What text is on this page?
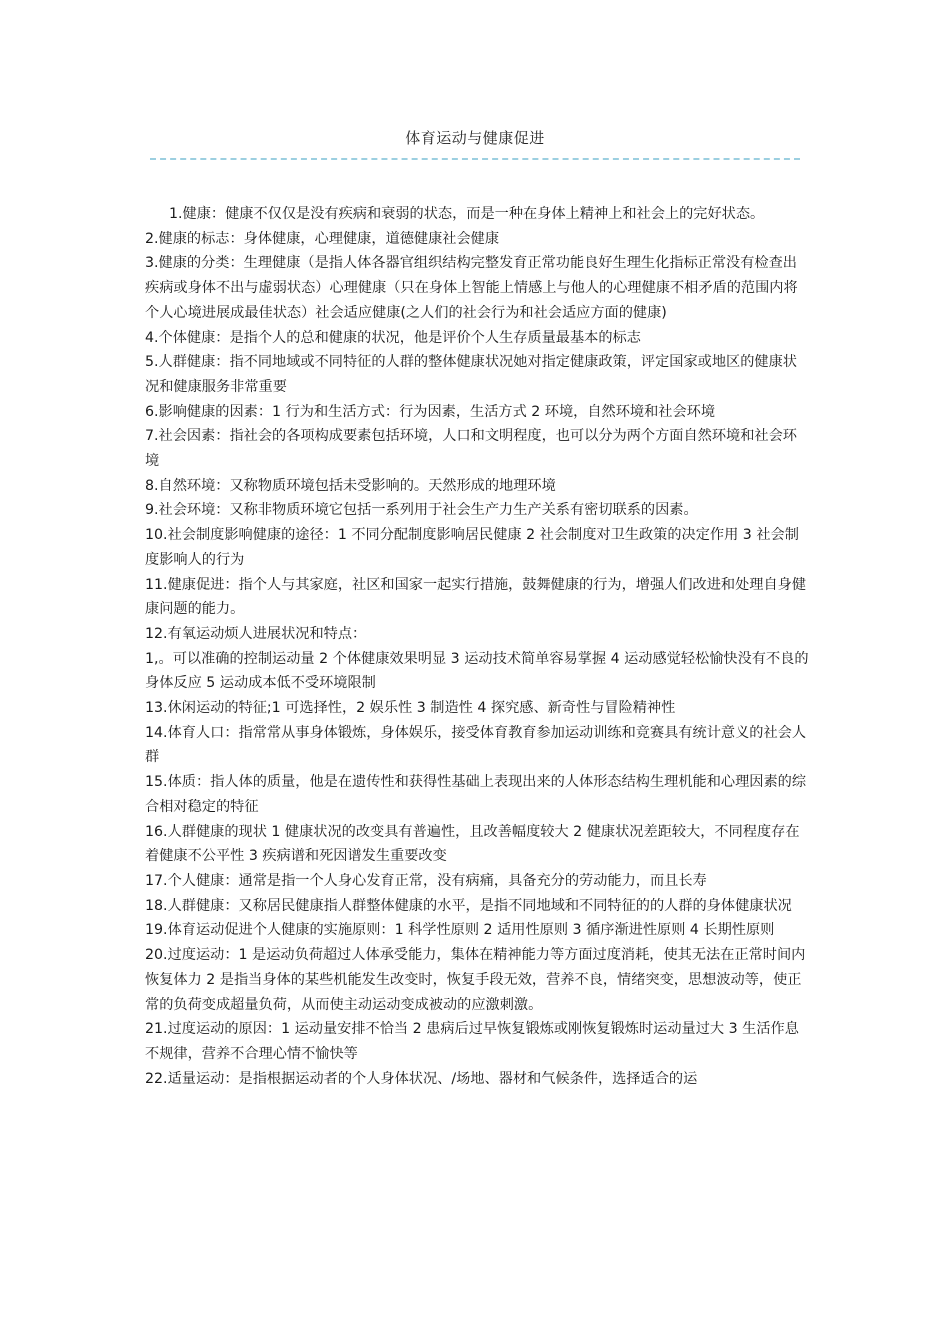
体育运动与健康促进

1.健康：健康不仅仅是没有疾病和衰弱的状态，而是一种在身体上精神上和社会上的完好状态。

2.健康的标志：身体健康，心理健康，道德健康社会健康

3.健康的分类：生理健康（是指人体各器官组织结构完整发育正常功能良好生理生化指标正常没有检查出疾病或身体不出与虚弱状态）心理健康（只在身体上智能上情感上与他人的心理健康不相矛盾的范围内将个人心境进展成最佳状态）社会适应健康(之人们的社会行为和社会适应方面的健康)

4.个体健康：是指个人的总和健康的状况，他是评价个人生存质量最基本的标志

5.人群健康：指不同地域或不同特征的人群的整体健康状况她对指定健康政策，评定国家或地区的健康状况和健康服务非常重要

6.影响健康的因素：1 行为和生活方式：行为因素，生活方式 2 环境，自然环境和社会环境

7.社会因素：指社会的各项构成要素包括环境，人口和文明程度，也可以分为两个方面自然环境和社会环境

8.自然环境：又称物质环境包括未受影响的。天然形成的地理环境

9.社会环境：又称非物质环境它包括一系列用于社会生产力生产关系有密切联系的因素。

10.社会制度影响健康的途径：1 不同分配制度影响居民健康 2 社会制度对卫生政策的决定作用 3 社会制度影响人的行为

11.健康促进：指个人与其家庭，社区和国家一起实行措施，鼓舞健康的行为，增强人们改进和处理自身健康问题的能力。

12.有氧运动烦人进展状况和特点：

1,。可以准确的控制运动量 2 个体健康效果明显 3 运动技术简单容易掌握 4 运动感觉轻松愉快没有不良的身体反应 5 运动成本低不受环境限制

13.休闲运动的特征;1 可选择性，2 娱乐性 3 制造性 4 探究感、新奇性与冒险精神性

14.体育人口：指常常从事身体锻炼，身体娱乐，接受体育教育参加运动训练和竞赛具有统计意义的社会人群

15.体质：指人体的质量，他是在遗传性和获得性基础上表现出来的人体形态结构生理机能和心理因素的综合相对稳定的特征

16.人群健康的现状 1 健康状况的改变具有普遍性，且改善幅度较大 2 健康状况差距较大，不同程度存在着健康不公平性 3 疾病谱和死因谱发生重要改变

17.个人健康：通常是指一个人身心发育正常，没有病痛，具备充分的劳动能力，而且长寿

18.人群健康：又称居民健康指人群整体健康的水平，是指不同地域和不同特征的的人群的身体健康状况

19.体育运动促进个人健康的实施原则：1 科学性原则 2 适用性原则 3 循序渐进性原则 4 长期性原则

20.过度运动：1 是运动负荷超过人体承受能力，集体在精神能力等方面过度消耗，使其无法在正常时间内恢复体力 2 是指当身体的某些机能发生改变时，恢复手段无效，营养不良，情绪突变，思想波动等，使正常的负荷变成超量负荷，从而使主动运动变成被动的应激刺激。

21.过度运动的原因：1 运动量安排不恰当 2 患病后过早恢复锻炼或刚恢复锻炼时运动量过大 3 生活作息不规律，营养不合理心情不愉快等

22.适量运动：是指根据运动者的个人身体状况、/场地、器材和气候条件，选择适合的运
